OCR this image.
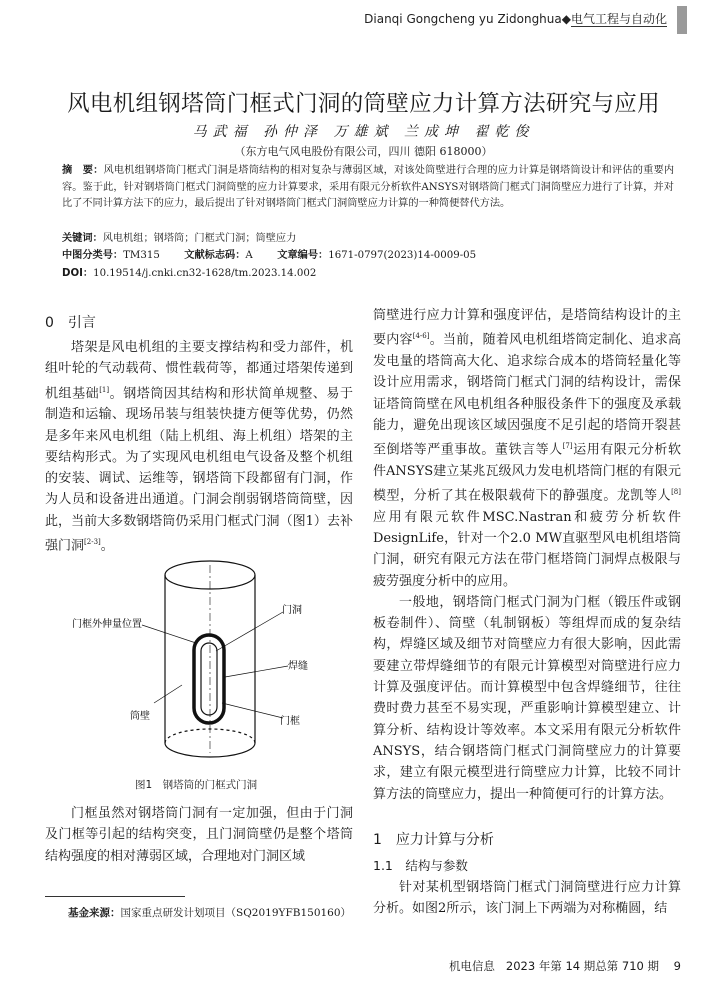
Dianqi Gongcheng yu Zidonghua◆电气工程与自动化
风电机组钢塔筒门框式门洞的筒壁应力计算方法研究与应用
马武福 孙仲泽 万雄斌 兰成坤 翟乾俊
（东方电气风电股份有限公司，四川 德阳 618000）
摘　要：风电机组钢塔筒门框式门洞是塔筒结构的相对复杂与薄弱区域，对该处筒壁进行合理的应力计算是钢塔筒设计和评估的重要内容。鉴于此，针对钢塔筒门框式门洞筒壁的应力计算要求，采用有限元分析软件ANSYS对钢塔筒门框式门洞筒壁应力进行了计算，并对比了不同计算方法下的应力，最后提出了针对钢塔筒门框式门洞筒壁应力计算的一种简便替代方法。
关键词：风电机组；钢塔筒；门框式门洞；筒壁应力
中图分类号：TM315 文献标志码：A 文章编号：1671-0797(2023)14-0009-05
DOI：10.19514/j.cnki.cn32-1628/tm.2023.14.002
0　引言

塔架是风电机组的主要支撑结构和受力部件，机组叶轮的气动载荷、惯性载荷等，都通过塔架传递到机组基础[1]。钢塔筒因其结构和形状简单规整、易于制造和运输、现场吊装与组装快捷方便等优势，仍然是多年来风电机组（陆上机组、海上机组）塔架的主要结构形式。为了实现风电机组电气设备及整个机组的安装、调试、运维等，钢塔筒下段都留有门洞，作为人员和设备进出通道。门洞会削弱钢塔筒筒壁，因此，当前大多数钢塔筒仍采用门框式门洞（图1）去补强门洞[2-3]。

门框外伸量位置
门洞
焊缝
筒壁	门框
图1　钢塔筒的门框式门洞

门框虽然对钢塔筒门洞有一定加强，但由于门洞及门框等引起的结构突变，且门洞筒壁仍是整个塔筒结构强度的相对薄弱区域，合理地对门洞区域

基金来源：国家重点研发计划项目（SQ2019YFB150160）

筒壁进行应力计算和强度评估，是塔筒结构设计的主要内容[4-6]。当前，随着风电机组塔筒定制化、追求高发电量的塔筒高大化、追求综合成本的塔筒轻量化等设计应用需求，钢塔筒门框式门洞的结构设计，需保证塔筒筒壁在风电机组各种服役条件下的强度及承载能力，避免出现该区域因强度不足引起的塔筒开裂甚至倒塔等严重事故。董铁言等人[7]运用有限元分析软件ANSYS建立某兆瓦级风力发电机塔筒门框的有限元模型，分析了其在极限载荷下的静强度。龙凯等人[8]应用有限元软件MSC.Nastran和疲劳分析软件DesignLife，针对一个2.0 MW直驱型风电机组塔筒门洞，研究有限元方法在带门框塔筒门洞焊点极限与疲劳强度分析中的应用。

一般地，钢塔筒门框式门洞为门框（锻压件或钢板卷制件）、筒壁（轧制钢板）等组焊而成的复杂结构，焊缝区域及细节对筒壁应力有很大影响，因此需要建立带焊缝细节的有限元计算模型对筒壁进行应力计算及强度评估。而计算模型中包含焊缝细节，往往费时费力甚至不易实现，严重影响计算模型建立、计算分析、结构设计等效率。本文采用有限元分析软件ANSYS，结合钢塔筒门框式门洞筒壁应力的计算要求，建立有限元模型进行筒壁应力计算，比较不同计算方法的筒壁应力，提出一种简便可行的计算方法。

1　应力计算与分析
1.1　结构与参数

针对某机型钢塔筒门框式门洞筒壁进行应力计算分析。如图2所示，该门洞上下两端为对称椭圆，结

机电信息 2023 年第 14 期总第 710 期 9
